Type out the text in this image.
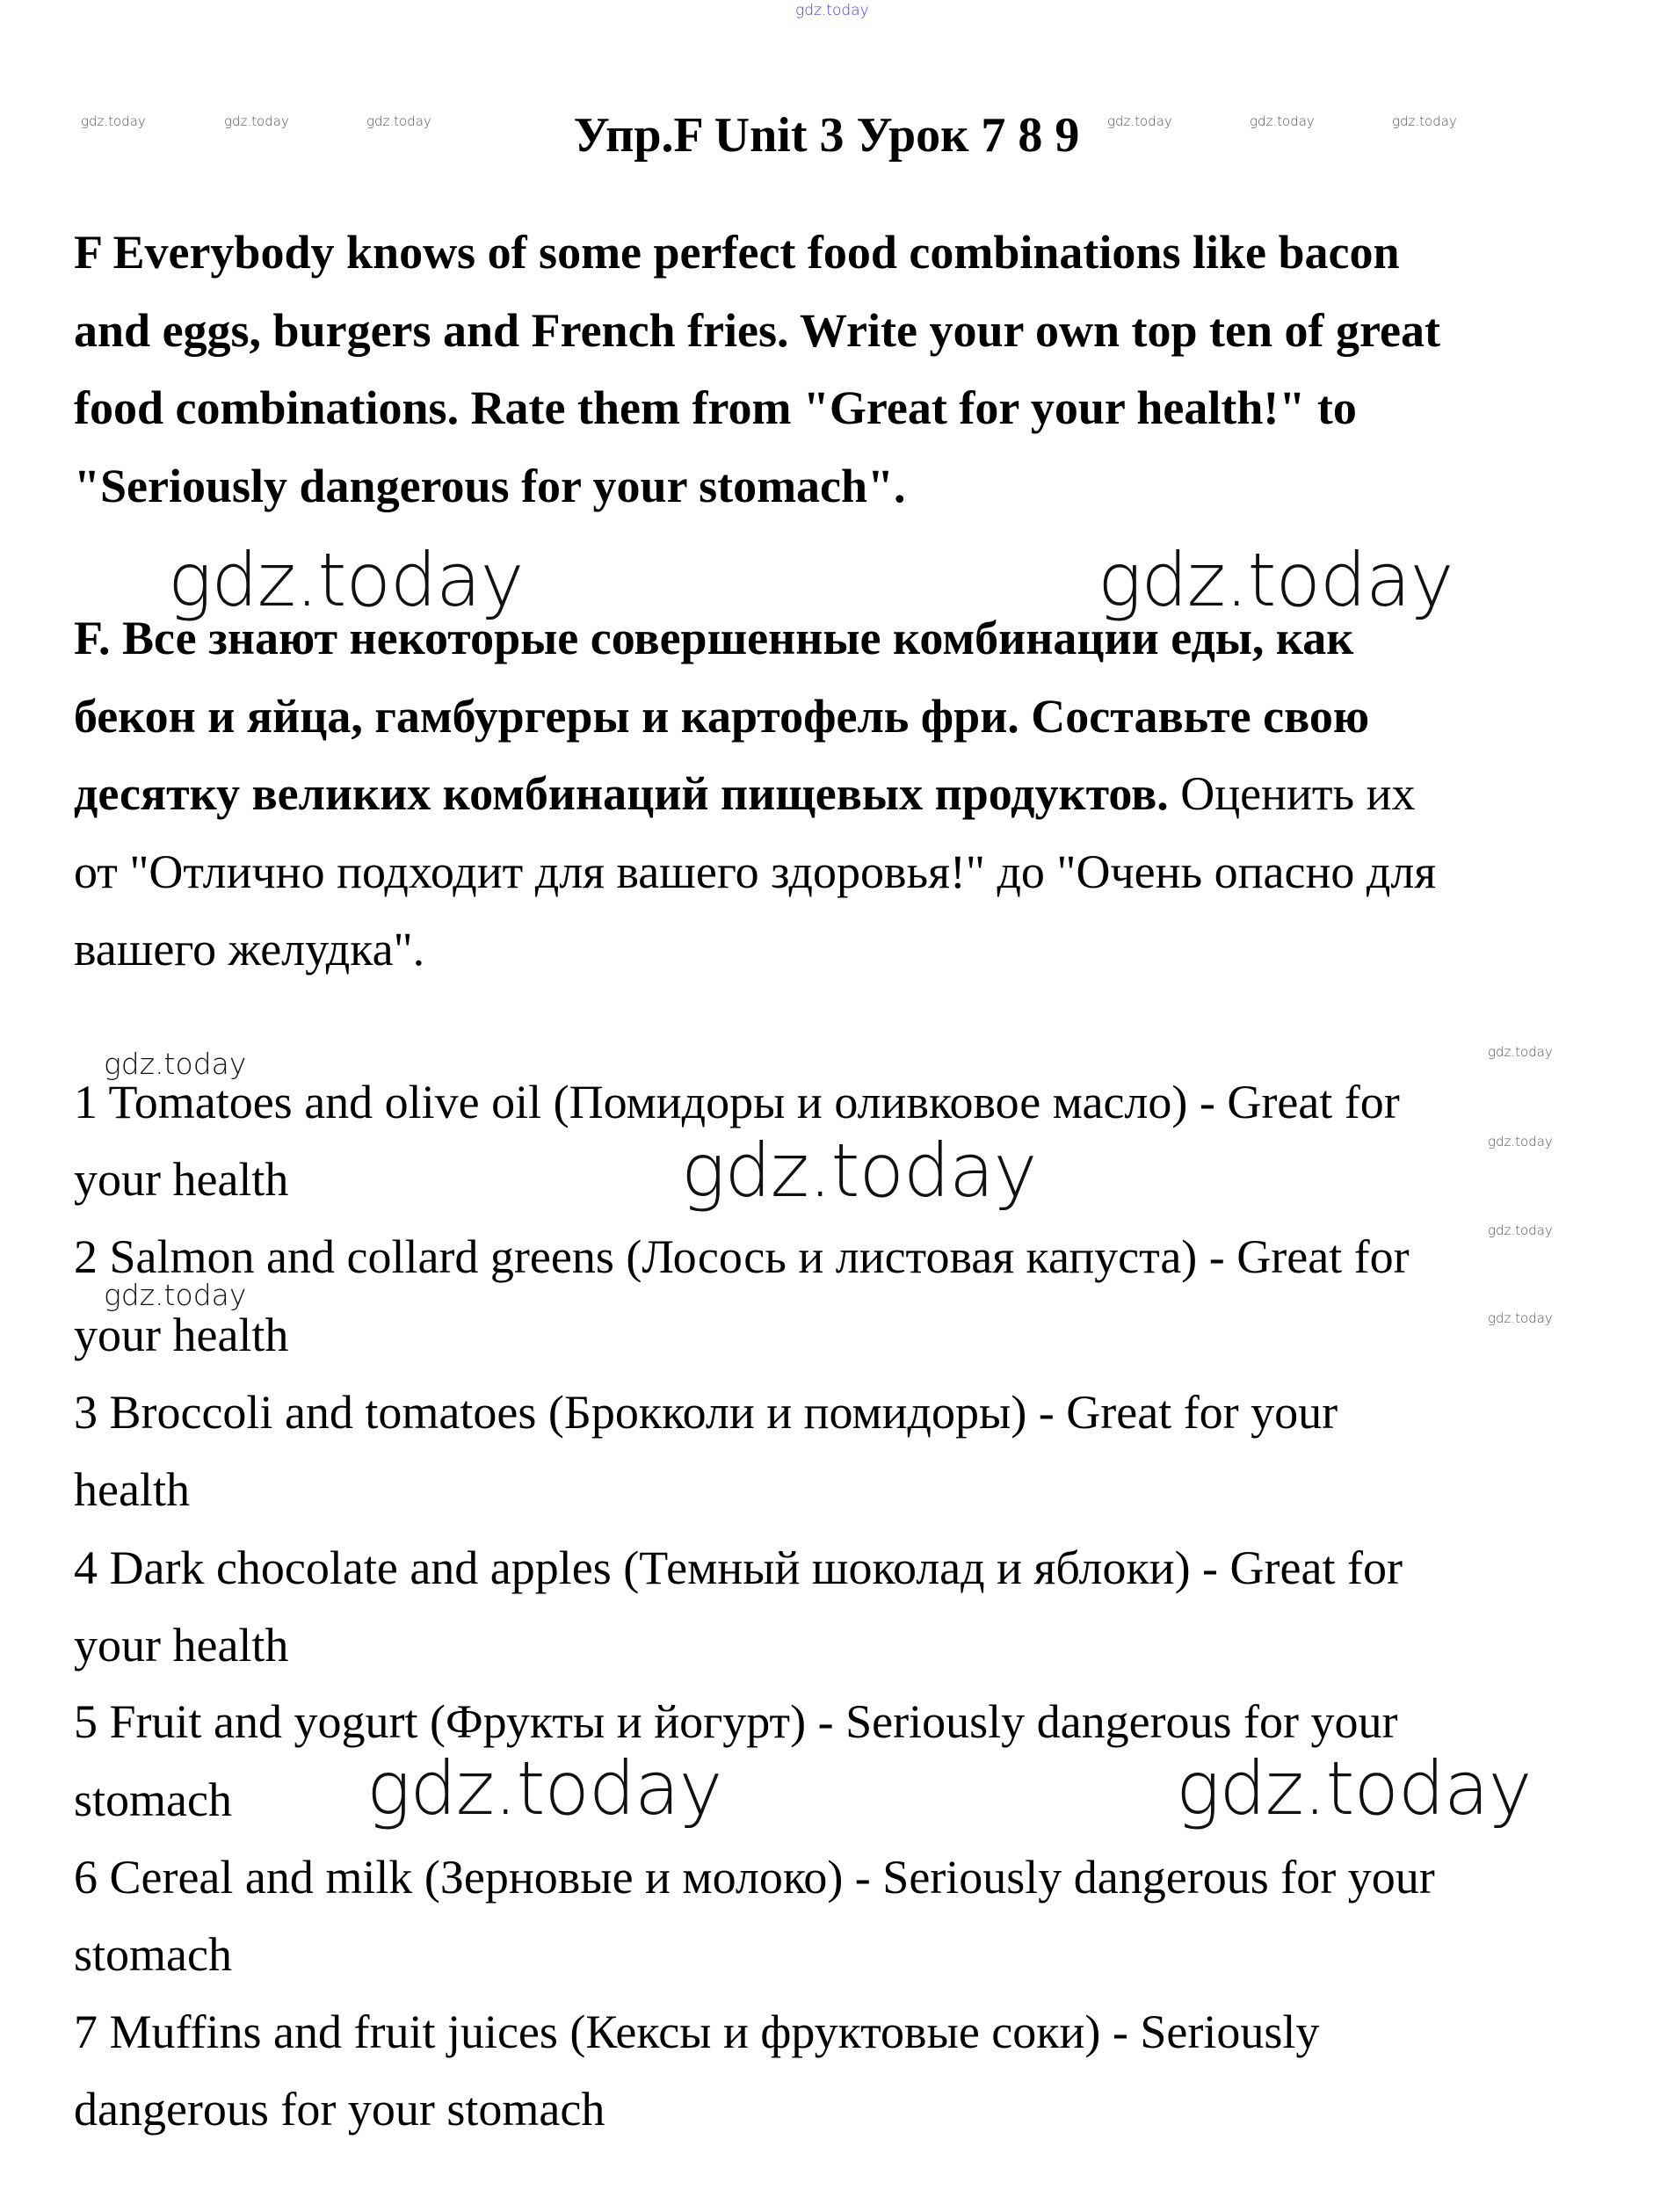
gdz.today
gdz.today	gdz.today	gdz.today	gdz.today	gdz.today	gdz.today
Упр.F Unit 3 Урок 7 8 9
F Everybody knows of some perfect food combinations like bacon
and eggs, burgers and French fries. Write your own top ten of great
food combinations. Rate them from "Great for your health!" to
"Seriously dangerous for your stomach".
gdz.today	gdz.today
F. Все знают некоторые совершенные комбинации еды, как
бекон и яйца, гамбургеры и картофель фри. Составьте свою
десятку великих комбинаций пищевых продуктов. Оценить их
от "Отлично подходит для вашего здоровья!" до "Очень опасно для
вашего желудка".
gdz.today
gdz.today
gdz.today
gdz.today
gdz.today
gdz.today
1 Tomatoes and olive oil (Помидоры и оливковое масло) - Great for
your health
2 Salmon and collard greens (Лосось и листовая капуста) - Great for
your health
3 Broccoli and tomatoes (Брокколи и помидоры) - Great for your
health
4 Dark chocolate and apples (Темный шоколад и яблоки) - Great for
your health
5 Fruit and yogurt (Фрукты и йогурт) - Seriously dangerous for your
stomach
6 Cereal and milk (Зерновые и молоко) - Seriously dangerous for your
stomach
7 Muffins and fruit juices (Кексы и фруктовые соки) - Seriously
dangerous for your stomach
gdz.today
gdz.today	gdz.today
